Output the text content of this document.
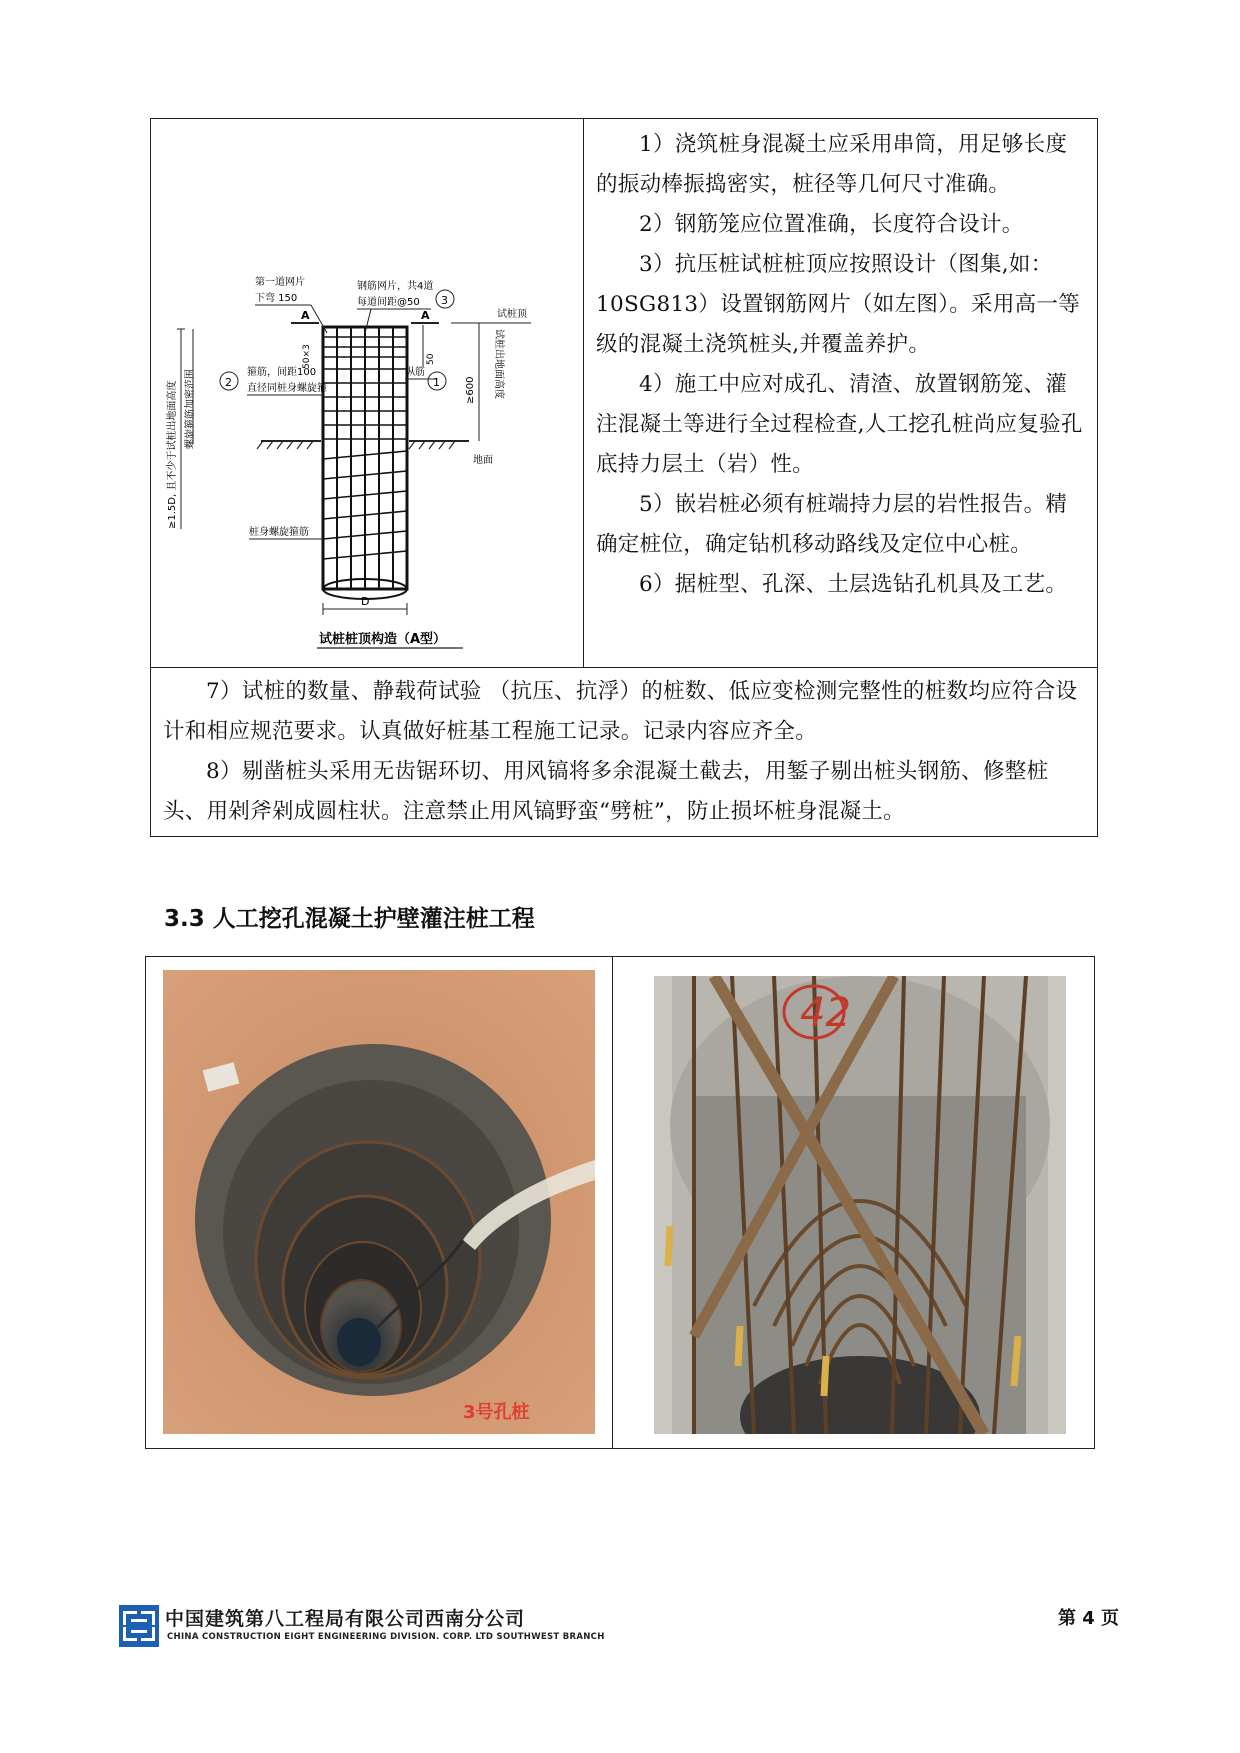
≥1.5D, 且不少于试桩出地面高度 螺旋箍筋加密范围
D
A	A
第一道网片
下弯 150
钢筋网片，共4道
每道间距@50 3
2
箍筋，间距100
直径同桩身螺旋箍
50×3	50
试桩顶
≥600 试桩出地面高度
纵筋
1
地面
桩身螺旋箍筋
试桩桩顶构造（A型）

1）浇筑桩身混凝土应采用串筒，用足够长度的振动棒振捣密实，桩径等几何尺寸准确。

2）钢筋笼应位置准确，长度符合设计。

3）抗压桩试桩桩顶应按照设计（图集,如：10SG813）设置钢筋网片（如左图）。采用高一等级的混凝土浇筑桩头,并覆盖养护。

4）施工中应对成孔、清渣、放置钢筋笼、灌注混凝土等进行全过程检查,人工挖孔桩尚应复验孔底持力层土（岩）性。

5）嵌岩桩必须有桩端持力层的岩性报告。精确定桩位，确定钻机移动路线及定位中心桩。

6）据桩型、孔深、土层选钻孔机具及工艺。

7）试桩的数量、静载荷试验 （抗压、抗浮）的桩数、低应变检测完整性的桩数均应符合设计和相应规范要求。认真做好桩基工程施工记录。记录内容应齐全。

8）剔凿桩头采用无齿锯环切、用风镐将多余混凝土截去，用錾子剔出桩头钢筋、修整桩头、用剁斧剁成圆柱状。注意禁止用风镐野蛮“劈桩”，防止损坏桩身混凝土。

3.3 人工挖孔混凝土护壁灌注桩工程
3号孔桩
42
中国建筑第八工程局有限公司西南分公司
CHINA CONSTRUCTION EIGHT ENGINEERING DIVISION. CORP. LTD SOUTHWEST BRANCH
第 4 页
